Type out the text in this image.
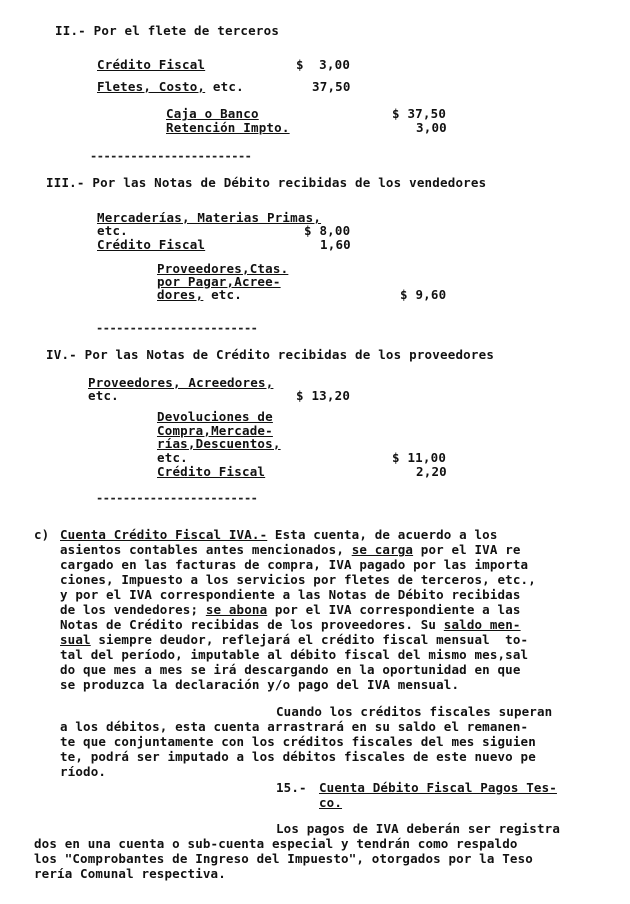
II.- Por el flete de terceros
Crédito Fiscal	$  3,00
Fletes, Costo, etc.	37,50
Caja o Banco	$ 37,50
Retención Impto.	3,00
------------------------
III.- Por las Notas de Débito recibidas de los vendedores
Mercaderías, Materias Primas,
etc.	$ 8,00
Crédito Fiscal	1,60
Proveedores,Ctas.
por Pagar,Acree-
dores, etc.	$ 9,60
------------------------
IV.- Por las Notas de Crédito recibidas de los proveedores
Proveedores, Acreedores,
etc.	$ 13,20
Devoluciones de
Compra,Mercade-
rías,Descuentos,
etc.	$ 11,00
Crédito Fiscal	2,20
------------------------
c) Cuenta Crédito Fiscal IVA.- Esta cuenta, de acuerdo a los
asientos contables antes mencionados, se carga por el IVA re
cargado en las facturas de compra, IVA pagado por las importa
ciones, Impuesto a los servicios por fletes de terceros, etc.,
y por el IVA correspondiente a las Notas de Débito recibidas
de los vendedores; se abona por el IVA correspondiente a las
Notas de Crédito recibidas de los proveedores. Su saldo men-
sual siempre deudor, reflejará el crédito fiscal mensual  to-
tal del período, imputable al débito fiscal del mismo mes,sal
do que mes a mes se irá descargando en la oportunidad en que
se produzca la declaración y/o pago del IVA mensual.
Cuando los créditos fiscales superan
a los débitos, esta cuenta arrastrará en su saldo el remanen-
te que conjuntamente con los créditos fiscales del mes siguien
te, podrá ser imputado a los débitos fiscales de este nuevo pe
ríodo.
15.- Cuenta Débito Fiscal Pagos Tes-
co.
Los pagos de IVA deberán ser registra
dos en una cuenta o sub-cuenta especial y tendrán como respaldo
los "Comprobantes de Ingreso del Impuesto", otorgados por la Teso
rería Comunal respectiva.
